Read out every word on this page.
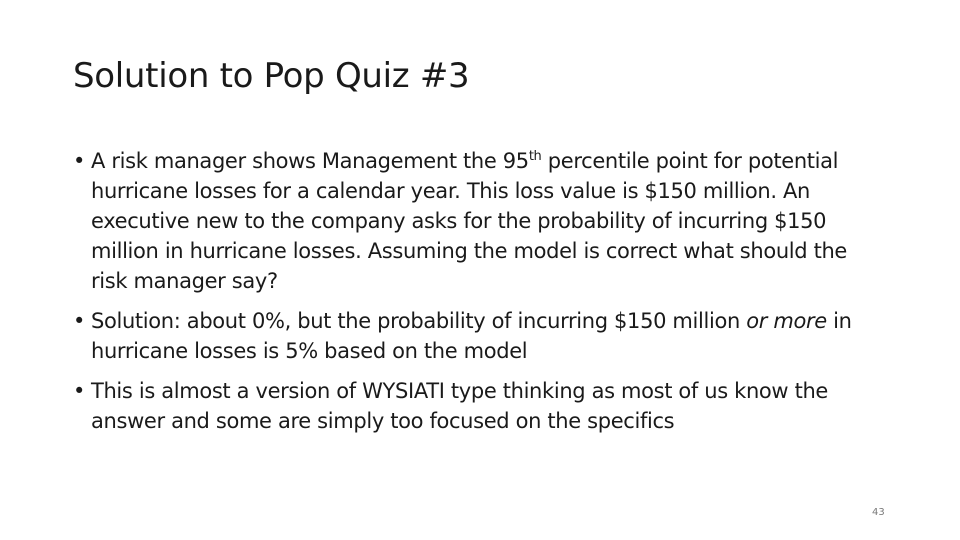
Solution to Pop Quiz #3
• A risk manager shows Management the 95th percentile point for potential hurricane losses for a calendar year. This loss value is $150 million. An executive new to the company asks for the probability of incurring $150 million in hurricane losses. Assuming the model is correct what should the risk manager say?
• Solution: about 0%, but the probability of incurring $150 million or more in hurricane losses is 5% based on the model
• This is almost a version of WYSIATI type thinking as most of us know the answer and some are simply too focused on the specifics
43
